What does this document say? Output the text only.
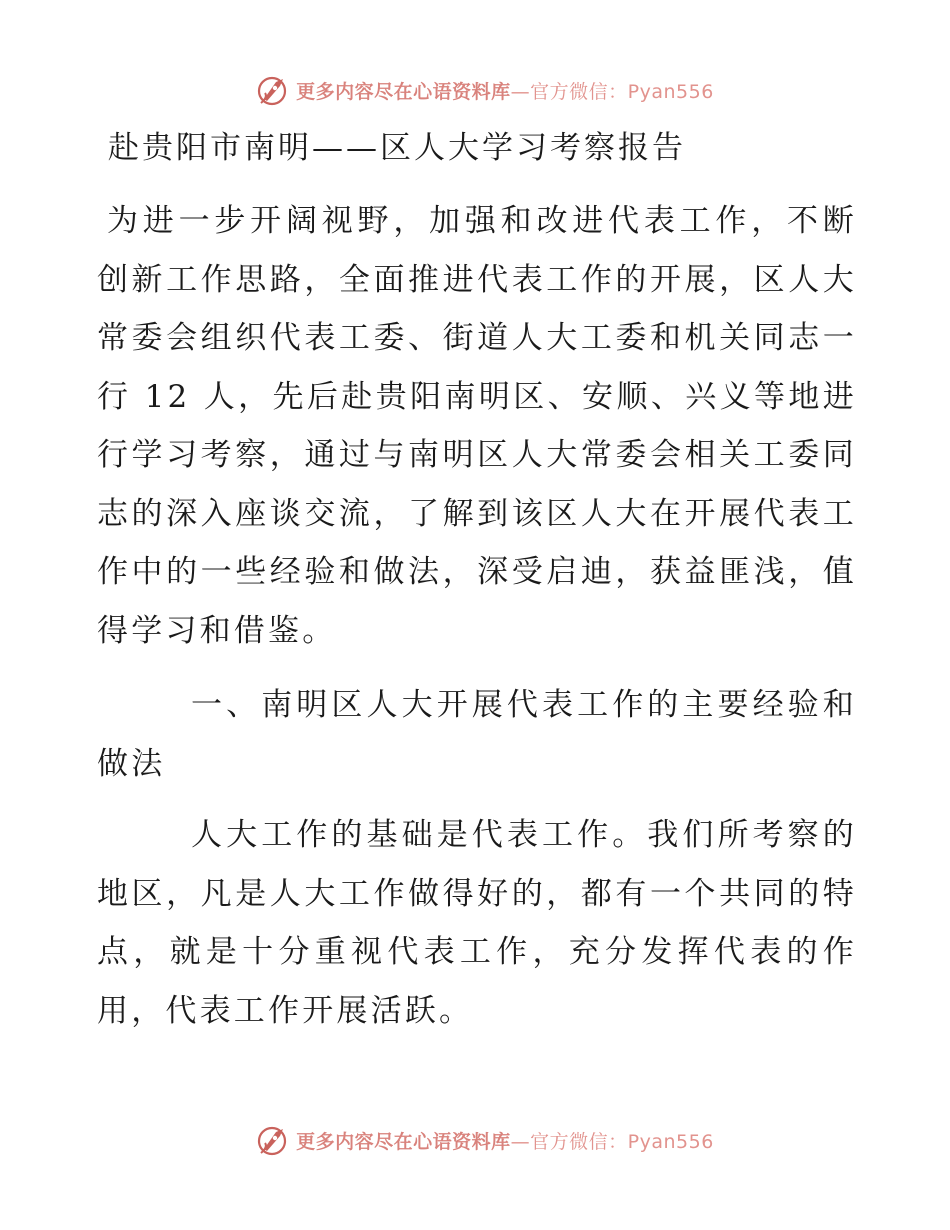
更多内容尽在心语资料库—官方微信：Pyan556
赴贵阳市南明——区人大学习考察报告
为进一步开阔视野，加强和改进代表工作，不断创新工作思路，全面推进代表工作的开展，区人大常委会组织代表工委、街道人大工委和机关同志一行 12 人，先后赴贵阳南明区、安顺、兴义等地进行学习考察，通过与南明区人大常委会相关工委同志的深入座谈交流，了解到该区人大在开展代表工作中的一些经验和做法，深受启迪，获益匪浅，值得学习和借鉴。
一、南明区人大开展代表工作的主要经验和做法
人大工作的基础是代表工作。我们所考察的地区，凡是人大工作做得好的，都有一个共同的特点，就是十分重视代表工作，充分发挥代表的作用，代表工作开展活跃。
更多内容尽在心语资料库—官方微信：Pyan556
